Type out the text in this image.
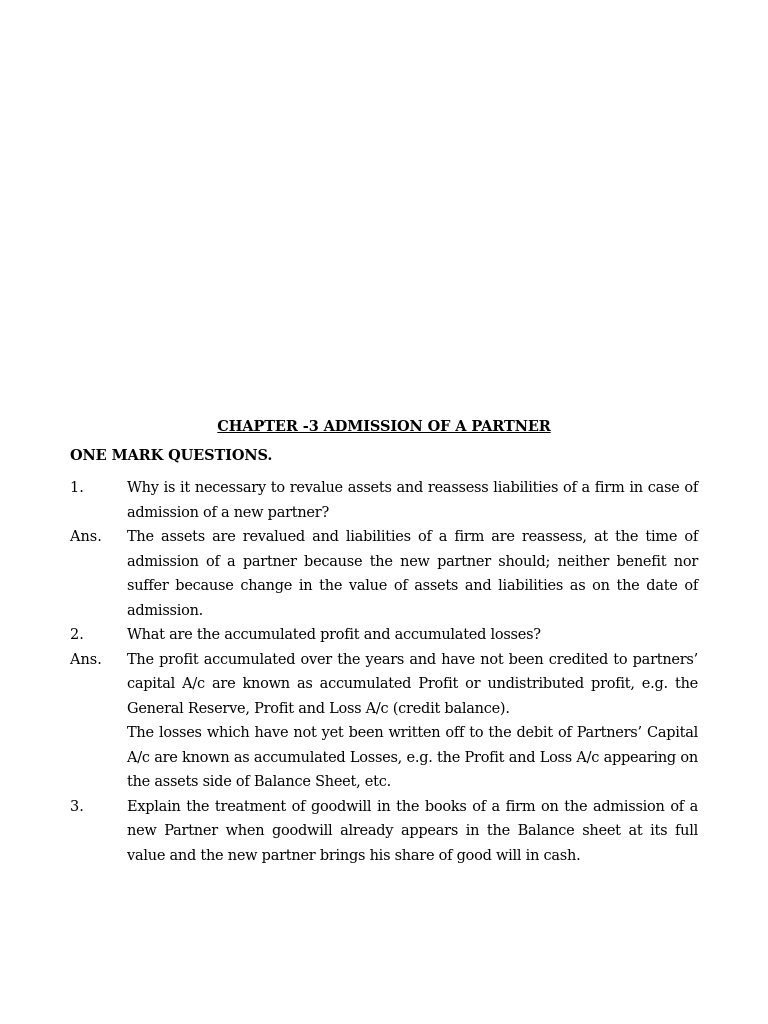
CHAPTER -3 ADMISSION OF A PARTNER
ONE MARK QUESTIONS.
1.	Why is it necessary to revalue assets and reassess liabilities of a firm in case of admission of a new partner?
Ans.	The assets are revalued and liabilities of a firm are reassess, at the time of admission of a partner because the new partner should; neither benefit nor suffer because change in the value of assets and liabilities as on the date of admission.
2.	What are the accumulated profit and accumulated losses?
Ans.	The profit accumulated over the years and have not been credited to partners’ capital A/c are known as accumulated Profit or undistributed profit, e.g. the General Reserve, Profit and Loss A/c (credit balance).
The losses which have not yet been written off to the debit of Partners’ Capital A/c are known as accumulated Losses, e.g. the Profit and Loss A/c appearing on the assets side of Balance Sheet, etc.
3.	Explain the treatment of goodwill in the books of a firm on the admission of a new Partner when goodwill already appears in the Balance sheet at its full value and the new partner brings his share of good will in cash.
